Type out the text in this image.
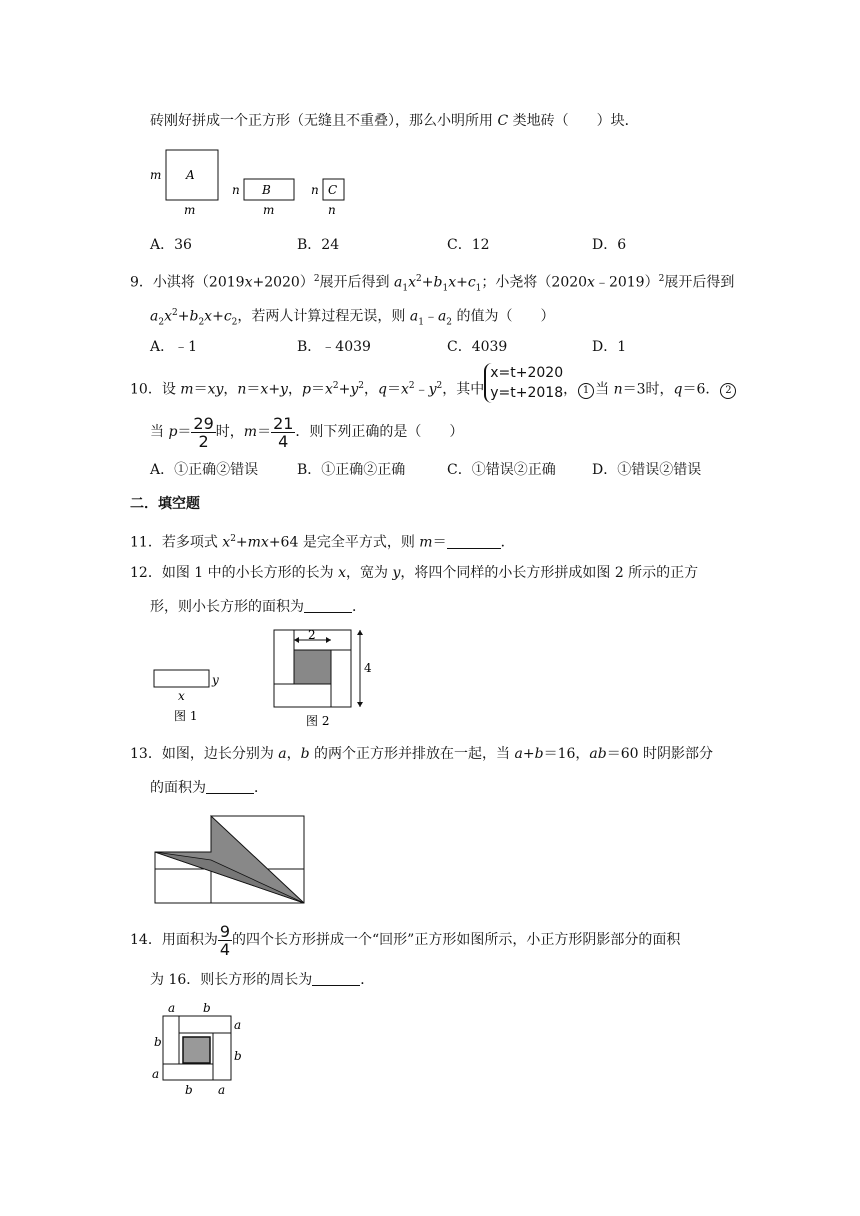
砖刚好拼成一个正方形（无缝且不重叠），那么小明所用 C 类地砖（　　）块．
A
m
m
B
n
m
C
n
n
A．36	B．24	C．12	D．6
9．小淇将$(2019x+2020)^2$展开后得到 $a_1x^2+b_1x+c_1$；小尧将（2020x﹣2019）$^2$展开后得到
$a_2x^2+b_2x+c_2$，若两人计算过程无误，则 $a_1﹣a_2$ 的值为（　　）
A．﹣1	B．﹣4039	C．4039	D．1
10．设 m＝xy，n＝x+y，$p=x^2+y^2$，$q=x^2﹣y^2$，其中
x=t+2020
y=t+2018 ， 1 当 n＝3时，q＝6． 2
当 $p= \frac{29}{2}$ 时，$m= \frac{21}{4}$ ．则下列正确的是（　　）
A．①正确②错误	B．①正确②正确	C．①错误②正确	D．①错误②错误
二．填空题
11．若多项式 $x^2+mx+64$ 是完全平方式，则 m＝	．
12．如图 1 中的小长方形的长为 x，宽为 y，将四个同样的小长方形拼成如图 2 所示的正方
形，则小长方形的面积为	．
y
x
图 1
2
4
图 2
13．如图，边长分别为 a，b 的两个正方形并排放在一起，当 a+b＝16，ab＝60 时阴影部分
的面积为	．
14．用面积为 $\frac{9}{4}$ 的四个长方形拼成一个“回形”正方形如图所示，小正方形阴影部分的面积
为 16．则长方形的周长为	．
a b
a
b
b
a
b a
